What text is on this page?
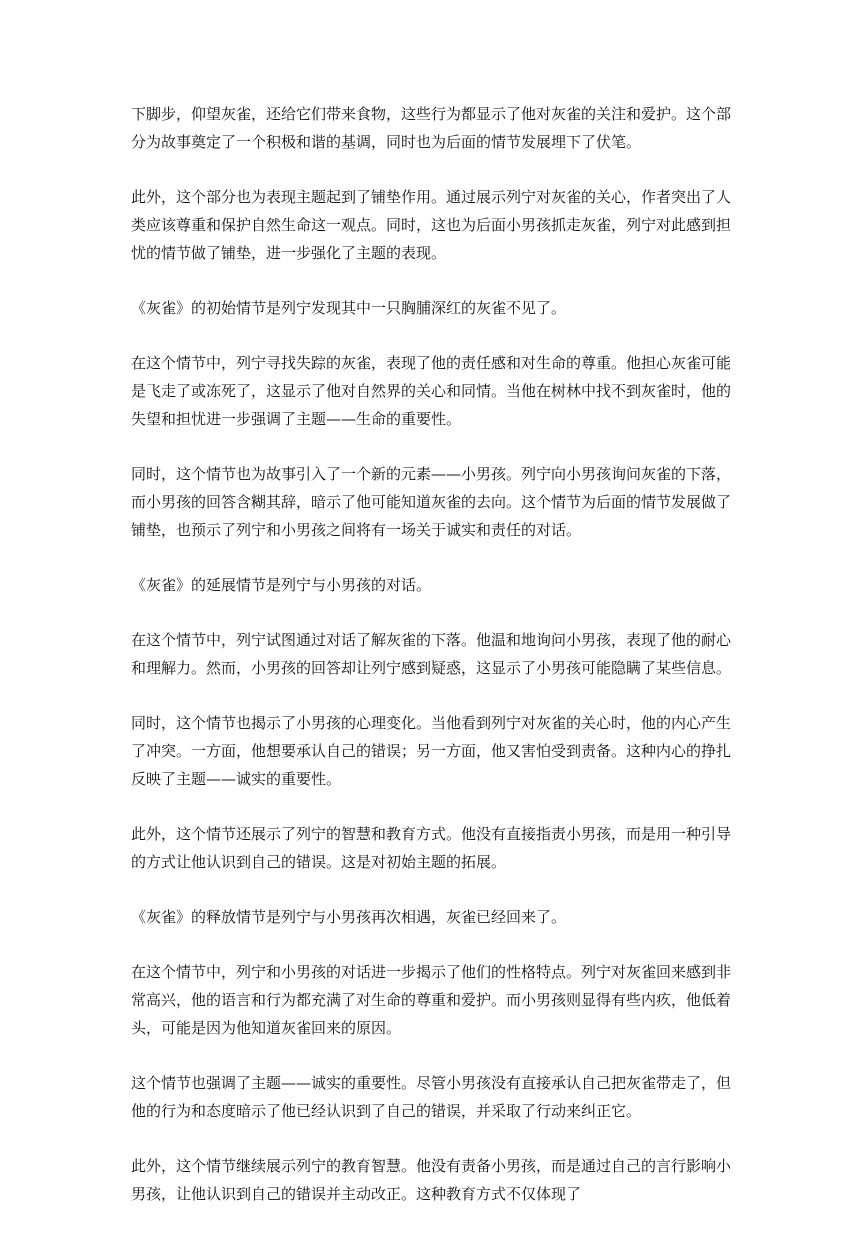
下脚步，仰望灰雀，还给它们带来食物，这些行为都显示了他对灰雀的关注和爱护。这个部分为故事奠定了一个积极和谐的基调，同时也为后面的情节发展埋下了伏笔。

此外，这个部分也为表现主题起到了铺垫作用。通过展示列宁对灰雀的关心，作者突出了人类应该尊重和保护自然生命这一观点。同时，这也为后面小男孩抓走灰雀，列宁对此感到担忧的情节做了铺垫，进一步强化了主题的表现。

《灰雀》的初始情节是列宁发现其中一只胸脯深红的灰雀不见了。

在这个情节中，列宁寻找失踪的灰雀，表现了他的责任感和对生命的尊重。他担心灰雀可能是飞走了或冻死了，这显示了他对自然界的关心和同情。当他在树林中找不到灰雀时，他的失望和担忧进一步强调了主题——生命的重要性。

同时，这个情节也为故事引入了一个新的元素——小男孩。列宁向小男孩询问灰雀的下落，而小男孩的回答含糊其辞，暗示了他可能知道灰雀的去向。这个情节为后面的情节发展做了铺垫，也预示了列宁和小男孩之间将有一场关于诚实和责任的对话。

《灰雀》的延展情节是列宁与小男孩的对话。

在这个情节中，列宁试图通过对话了解灰雀的下落。他温和地询问小男孩，表现了他的耐心和理解力。然而，小男孩的回答却让列宁感到疑惑，这显示了小男孩可能隐瞒了某些信息。

同时，这个情节也揭示了小男孩的心理变化。当他看到列宁对灰雀的关心时，他的内心产生了冲突。一方面，他想要承认自己的错误；另一方面，他又害怕受到责备。这种内心的挣扎反映了主题——诚实的重要性。

此外，这个情节还展示了列宁的智慧和教育方式。他没有直接指责小男孩，而是用一种引导的方式让他认识到自己的错误。这是对初始主题的拓展。

《灰雀》的释放情节是列宁与小男孩再次相遇，灰雀已经回来了。

在这个情节中，列宁和小男孩的对话进一步揭示了他们的性格特点。列宁对灰雀回来感到非常高兴，他的语言和行为都充满了对生命的尊重和爱护。而小男孩则显得有些内疚，他低着头，可能是因为他知道灰雀回来的原因。

这个情节也强调了主题——诚实的重要性。尽管小男孩没有直接承认自己把灰雀带走了，但他的行为和态度暗示了他已经认识到了自己的错误，并采取了行动来纠正它。

此外，这个情节继续展示列宁的教育智慧。他没有责备小男孩，而是通过自己的言行影响小男孩，让他认识到自己的错误并主动改正。这种教育方式不仅体现了
